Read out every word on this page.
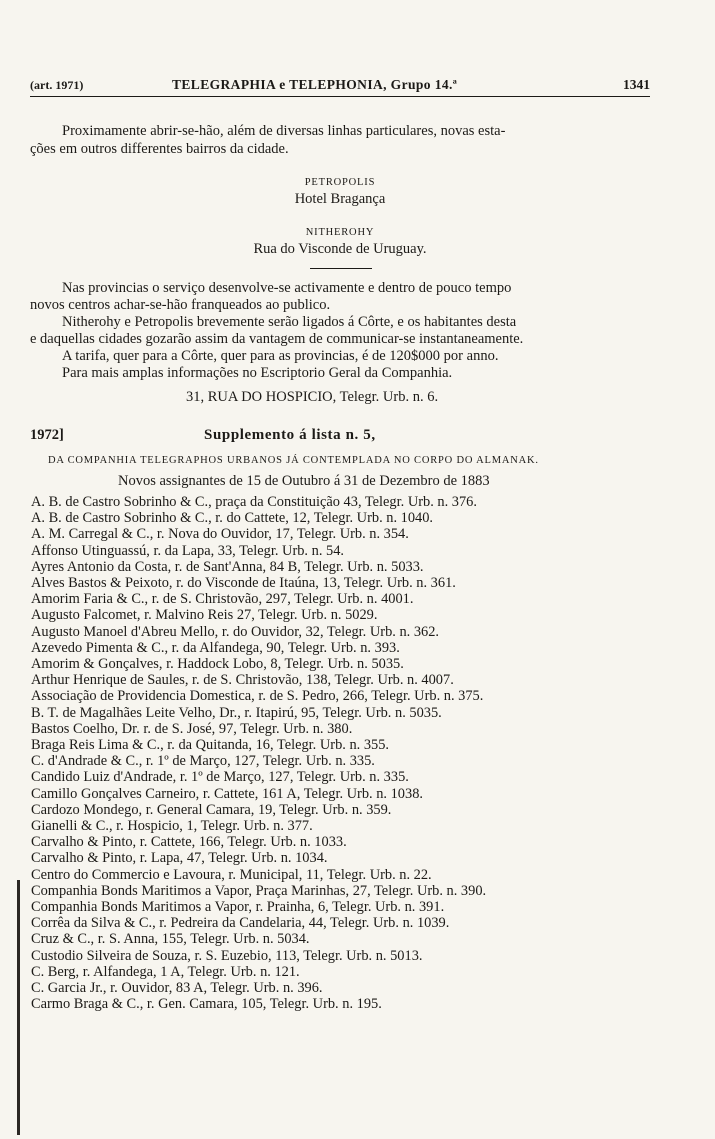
(art. 1971)	TELEGRAPHIA e TELEPHONIA, Grupo 14.ª	1341
Proximamente abrir-se-hão, além de diversas linhas particulares, novas esta-
ções em outros differentes bairros da cidade.
PETROPOLIS
Hotel Bragança
NITHEROHY
Rua do Visconde de Uruguay.
Nas provincias o serviço desenvolve-se activamente e dentro de pouco tempo
novos centros achar-se-hão franqueados ao publico.
Nitherohy e Petropolis brevemente serão ligados á Côrte, e os habitantes desta
e daquellas cidades gozarão assim da vantagem de communicar-se instantaneamente.
A tarifa, quer para a Côrte, quer para as provincias, é de 120$000 por anno.
Para mais amplas informações no Escriptorio Geral da Companhia.
31, RUA DO HOSPICIO, Telegr. Urb. n. 6.
1972]	Supplemento á lista n. 5,
DA COMPANHIA TELEGRAPHOS URBANOS JÁ CONTEMPLADA NO CORPO DO ALMANAK.
Novos assignantes de 15 de Outubro á 31 de Dezembro de 1883
A. B. de Castro Sobrinho & C., praça da Constituição 43, Telegr. Urb. n. 376.
A. B. de Castro Sobrinho & C., r. do Cattete, 12, Telegr. Urb. n. 1040.
A. M. Carregal & C., r. Nova do Ouvidor, 17, Telegr. Urb. n. 354.
Affonso Utinguassú, r. da Lapa, 33, Telegr. Urb. n. 54.
Ayres Antonio da Costa, r. de Sant'Anna, 84 B, Telegr. Urb. n. 5033.
Alves Bastos & Peixoto, r. do Visconde de Itaúna, 13, Telegr. Urb. n. 361.
Amorim Faria & C., r. de S. Christovão, 297, Telegr. Urb. n. 4001.
Augusto Falcomet, r. Malvino Reis 27, Telegr. Urb. n. 5029.
Augusto Manoel d'Abreu Mello, r. do Ouvidor, 32, Telegr. Urb. n. 362.
Azevedo Pimenta & C., r. da Alfandega, 90, Telegr. Urb. n. 393.
Amorim & Gonçalves, r. Haddock Lobo, 8, Telegr. Urb. n. 5035.
Arthur Henrique de Saules, r. de S. Christovão, 138, Telegr. Urb. n. 4007.
Associação de Providencia Domestica, r. de S. Pedro, 266, Telegr. Urb. n. 375.
B. T. de Magalhães Leite Velho, Dr., r. Itapirú, 95, Telegr. Urb. n. 5035.
Bastos Coelho, Dr. r. de S. José, 97, Telegr. Urb. n. 380.
Braga Reis Lima & C., r. da Quitanda, 16, Telegr. Urb. n. 355.
C. d'Andrade & C., r. 1º de Março, 127, Telegr. Urb. n. 335.
Candido Luiz d'Andrade, r. 1º de Março, 127, Telegr. Urb. n. 335.
Camillo Gonçalves Carneiro, r. Cattete, 161 A, Telegr. Urb. n. 1038.
Cardozo Mondego, r. General Camara, 19, Telegr. Urb. n. 359.
Gianelli & C., r. Hospicio, 1, Telegr. Urb. n. 377.
Carvalho & Pinto, r. Cattete, 166, Telegr. Urb. n. 1033.
Carvalho & Pinto, r. Lapa, 47, Telegr. Urb. n. 1034.
Centro do Commercio e Lavoura, r. Municipal, 11, Telegr. Urb. n. 22.
Companhia Bonds Maritimos a Vapor, Praça Marinhas, 27, Telegr. Urb. n. 390.
Companhia Bonds Maritimos a Vapor, r. Prainha, 6, Telegr. Urb. n. 391.
Corrêa da Silva & C., r. Pedreira da Candelaria, 44, Telegr. Urb. n. 1039.
Cruz & C., r. S. Anna, 155, Telegr. Urb. n. 5034.
Custodio Silveira de Souza, r. S. Euzebio, 113, Telegr. Urb. n. 5013.
C. Berg, r. Alfandega, 1 A, Telegr. Urb. n. 121.
C. Garcia Jr., r. Ouvidor, 83 A, Telegr. Urb. n. 396.
Carmo Braga & C., r. Gen. Camara, 105, Telegr. Urb. n. 195.
